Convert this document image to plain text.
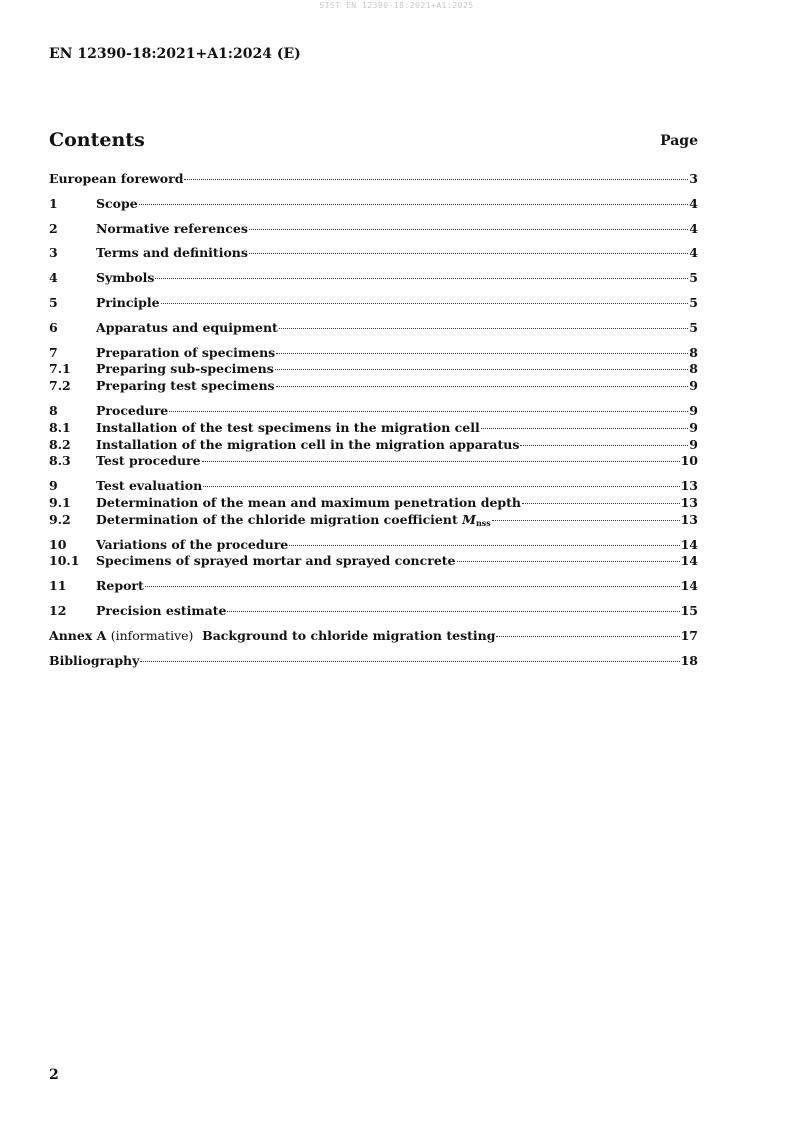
SIST EN 12390-18:2021+A1:2025
EN 12390-18:2021+A1:2024 (E)
Contents	Page
European foreword	3
1	Scope	4
2	Normative references	4
3	Terms and definitions	4
4	Symbols	5
5	Principle	5
6	Apparatus and equipment	5
7	Preparation of specimens	8
7.1	Preparing sub-specimens	8
7.2	Preparing test specimens	9
8	Procedure	9
8.1	Installation of the test specimens in the migration cell	9
8.2	Installation of the migration cell in the migration apparatus	9
8.3	Test procedure	10
9	Test evaluation	13
9.1	Determination of the mean and maximum penetration depth	13
9.2	Determination of the chloride migration coefficient $M_{nss}$	13
10	Variations of the procedure	14
10.1	Specimens of sprayed mortar and sprayed concrete	14
11	Report	14
12	Precision estimate	15
Annex A (informative) Background to chloride migration testing	17
Bibliography	18
2
